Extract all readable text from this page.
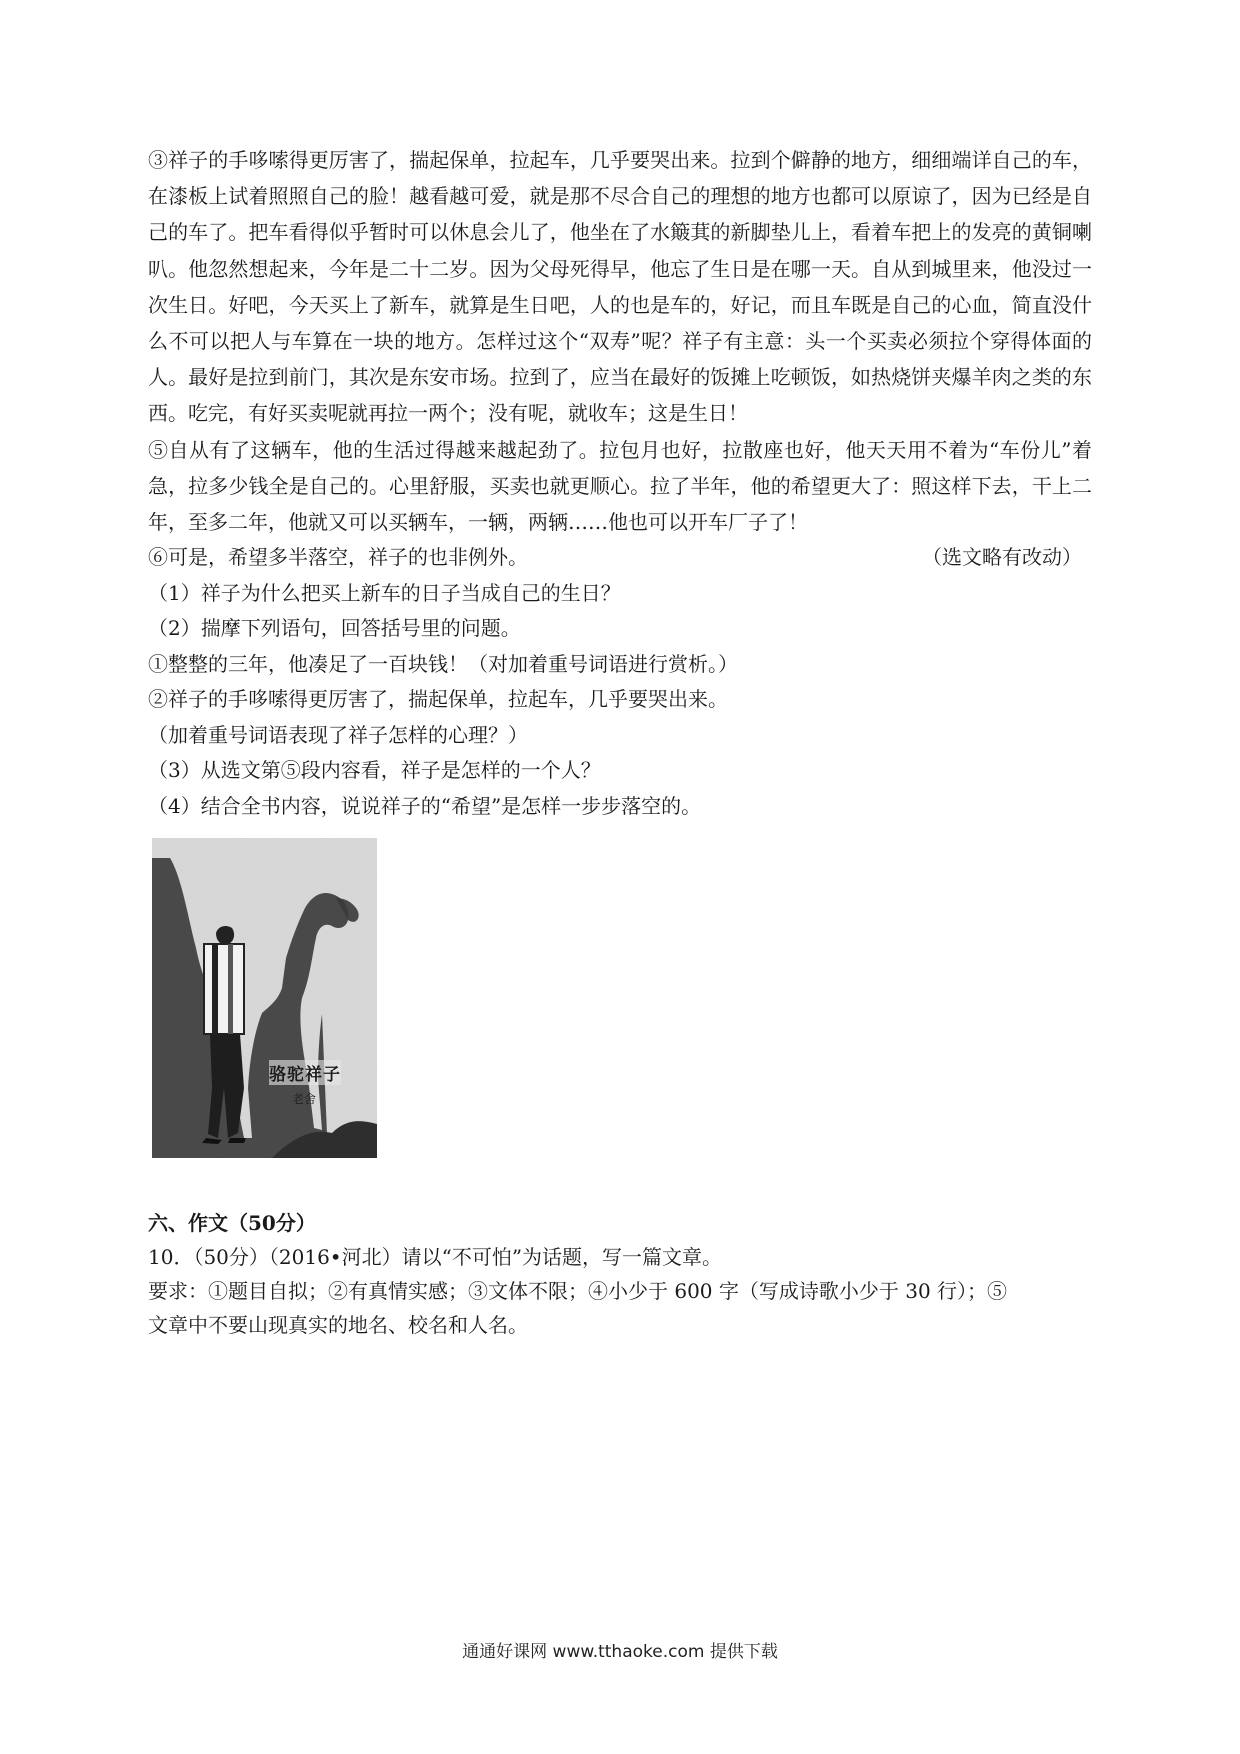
③祥子的手哆嗦得更厉害了，揣起保单，拉起车，几乎要哭出来。拉到个僻静的地方，细细端详自己的车，在漆板上试着照照自己的脸！越看越可爱，就是那不尽合自己的理想的地方也都可以原谅了，因为已经是自己的车了。把车看得似乎暂时可以休息会儿了，他坐在了水簸萁的新脚垫儿上，看着车把上的发亮的黄铜喇叭。他忽然想起来，今年是二十二岁。因为父母死得早，他忘了生日是在哪一天。自从到城里来，他没过一次生日。好吧，今天买上了新车，就算是生日吧，人的也是车的，好记，而且车既是自己的心血，简直没什么不可以把人与车算在一块的地方。怎样过这个“双寿”呢？祥子有主意：头一个买卖必须拉个穿得体面的人。最好是拉到前门，其次是东安市场。拉到了，应当在最好的饭摊上吃顿饭，如热烧饼夹爆羊肉之类的东西。吃完，有好买卖呢就再拉一两个；没有呢，就收车；这是生日！

⑤自从有了这辆车，他的生活过得越来越起劲了。拉包月也好，拉散座也好，他天天用不着为“车份儿”着急，拉多少钱全是自己的。心里舒服，买卖也就更顺心。拉了半年，他的希望更大了：照这样下去，干上二年，至多二年，他就又可以买辆车，一辆，两辆……他也可以开车厂子了！

⑥可是，希望多半落空，祥子的也非例外。	（选文略有改动）

（1）祥子为什么把买上新车的日子当成自己的生日？

（2）揣摩下列语句，回答括号里的问题。

①整整的三年，他凑足了一百块钱！（对加着重号词语进行赏析。）

②祥子的手哆嗦得更厉害了，揣起保单，拉起车，几乎要哭出来。

（加着重号词语表现了祥子怎样的心理？）

（3）从选文第⑤段内容看，祥子是怎样的一个人？

（4）结合全书内容，说说祥子的“希望”是怎样一步步落空的。

骆驼祥子
老舍

六、作文（50分）

10．（50分）（2016•河北）请以“不可怕”为话题，写一篇文章。

要求：①题目自拟；②有真情实感；③文体不限；④小少于 600 字（写成诗歌小少于 30 行）；⑤

文章中不要山现真实的地名、校名和人名。

通通好课网 www.tthaoke.com 提供下载
